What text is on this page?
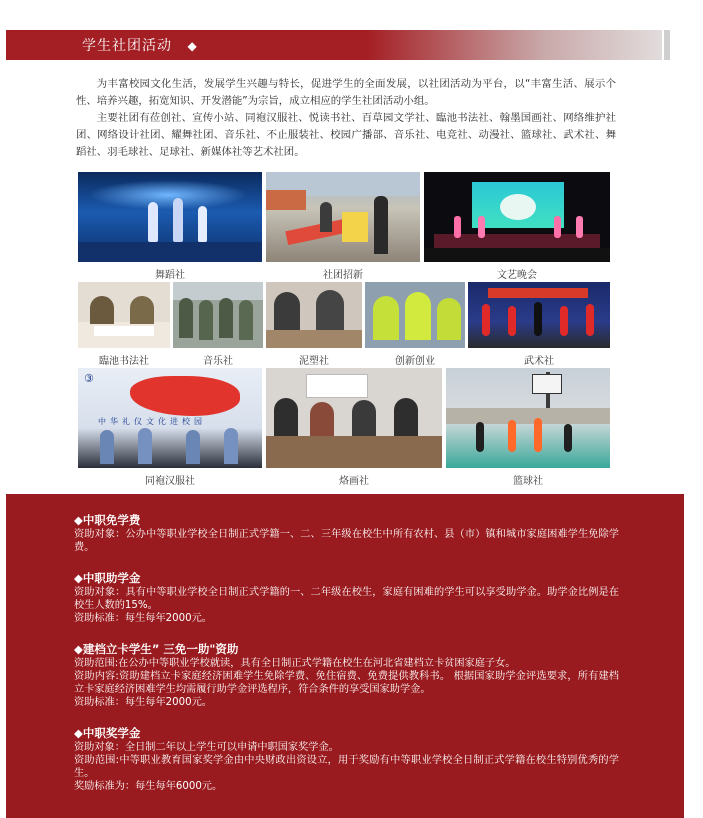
学生社团活动 ◆

为丰富校园文化生活，发展学生兴趣与特长，促进学生的全面发展，以社团活动为平台，以“丰富生活、展示个性、培养兴趣，拓宽知识、开发潜能”为宗旨，成立相应的学生社团活动小组。

主要社团有莅创社、宣传小站、同袍汉服社、悦读书社、百草园文学社、臨池书法社、翰墨国画社、网络维护社团、网络设计社团、耀舞社团、音乐社、不止服装社、校园广播部、音乐社、电竞社、动漫社、篮球社、武术社、舞蹈社、羽毛球社、足球社、新媒体社等艺术社团。

舞蹈社	社团招新	文艺晚会
臨池书法社	音乐社	泥塑社	创新创业	武术社
③
中华礼仪文化进校园
同袍汉服社	烙画社	篮球社
◆中职免学费

资助对象：公办中等职业学校全日制正式学籍一、二、三年级在校生中所有农村、县（市）镇和城市家庭困难学生免除学费。

◆中职助学金

资助对象：具有中等职业学校全日制正式学籍的一、二年级在校生，家庭有困难的学生可以享受助学金。助学金比例是在校生人数的15%。

资助标准：每生每年2000元。

◆建档立卡学生” 三免一助"资助

资助范围:在公办中等职业学校就读，具有全日制正式学籍在校生在河北省建档立卡贫困家庭子女。

资助内容:资助建档立卡家庭经济困难学生免除学费、免住宿费、免费提供教科书。 根据国家助学金评选要求，所有建档立卡家庭经济困难学生均需履行助学金评选程序，符合条件的享受国家助学金。

资助标准：每生每年2000元。

◆中职奖学金

资助对象：全日制二年以上学生可以申请中职国家奖学金。

资助范围:中等职业教育国家奖学金由中央财政出资设立，用于奖励有中等职业学校全日制正式学籍在校生特别优秀的学生。

奖励标准为：每生每年6000元。
